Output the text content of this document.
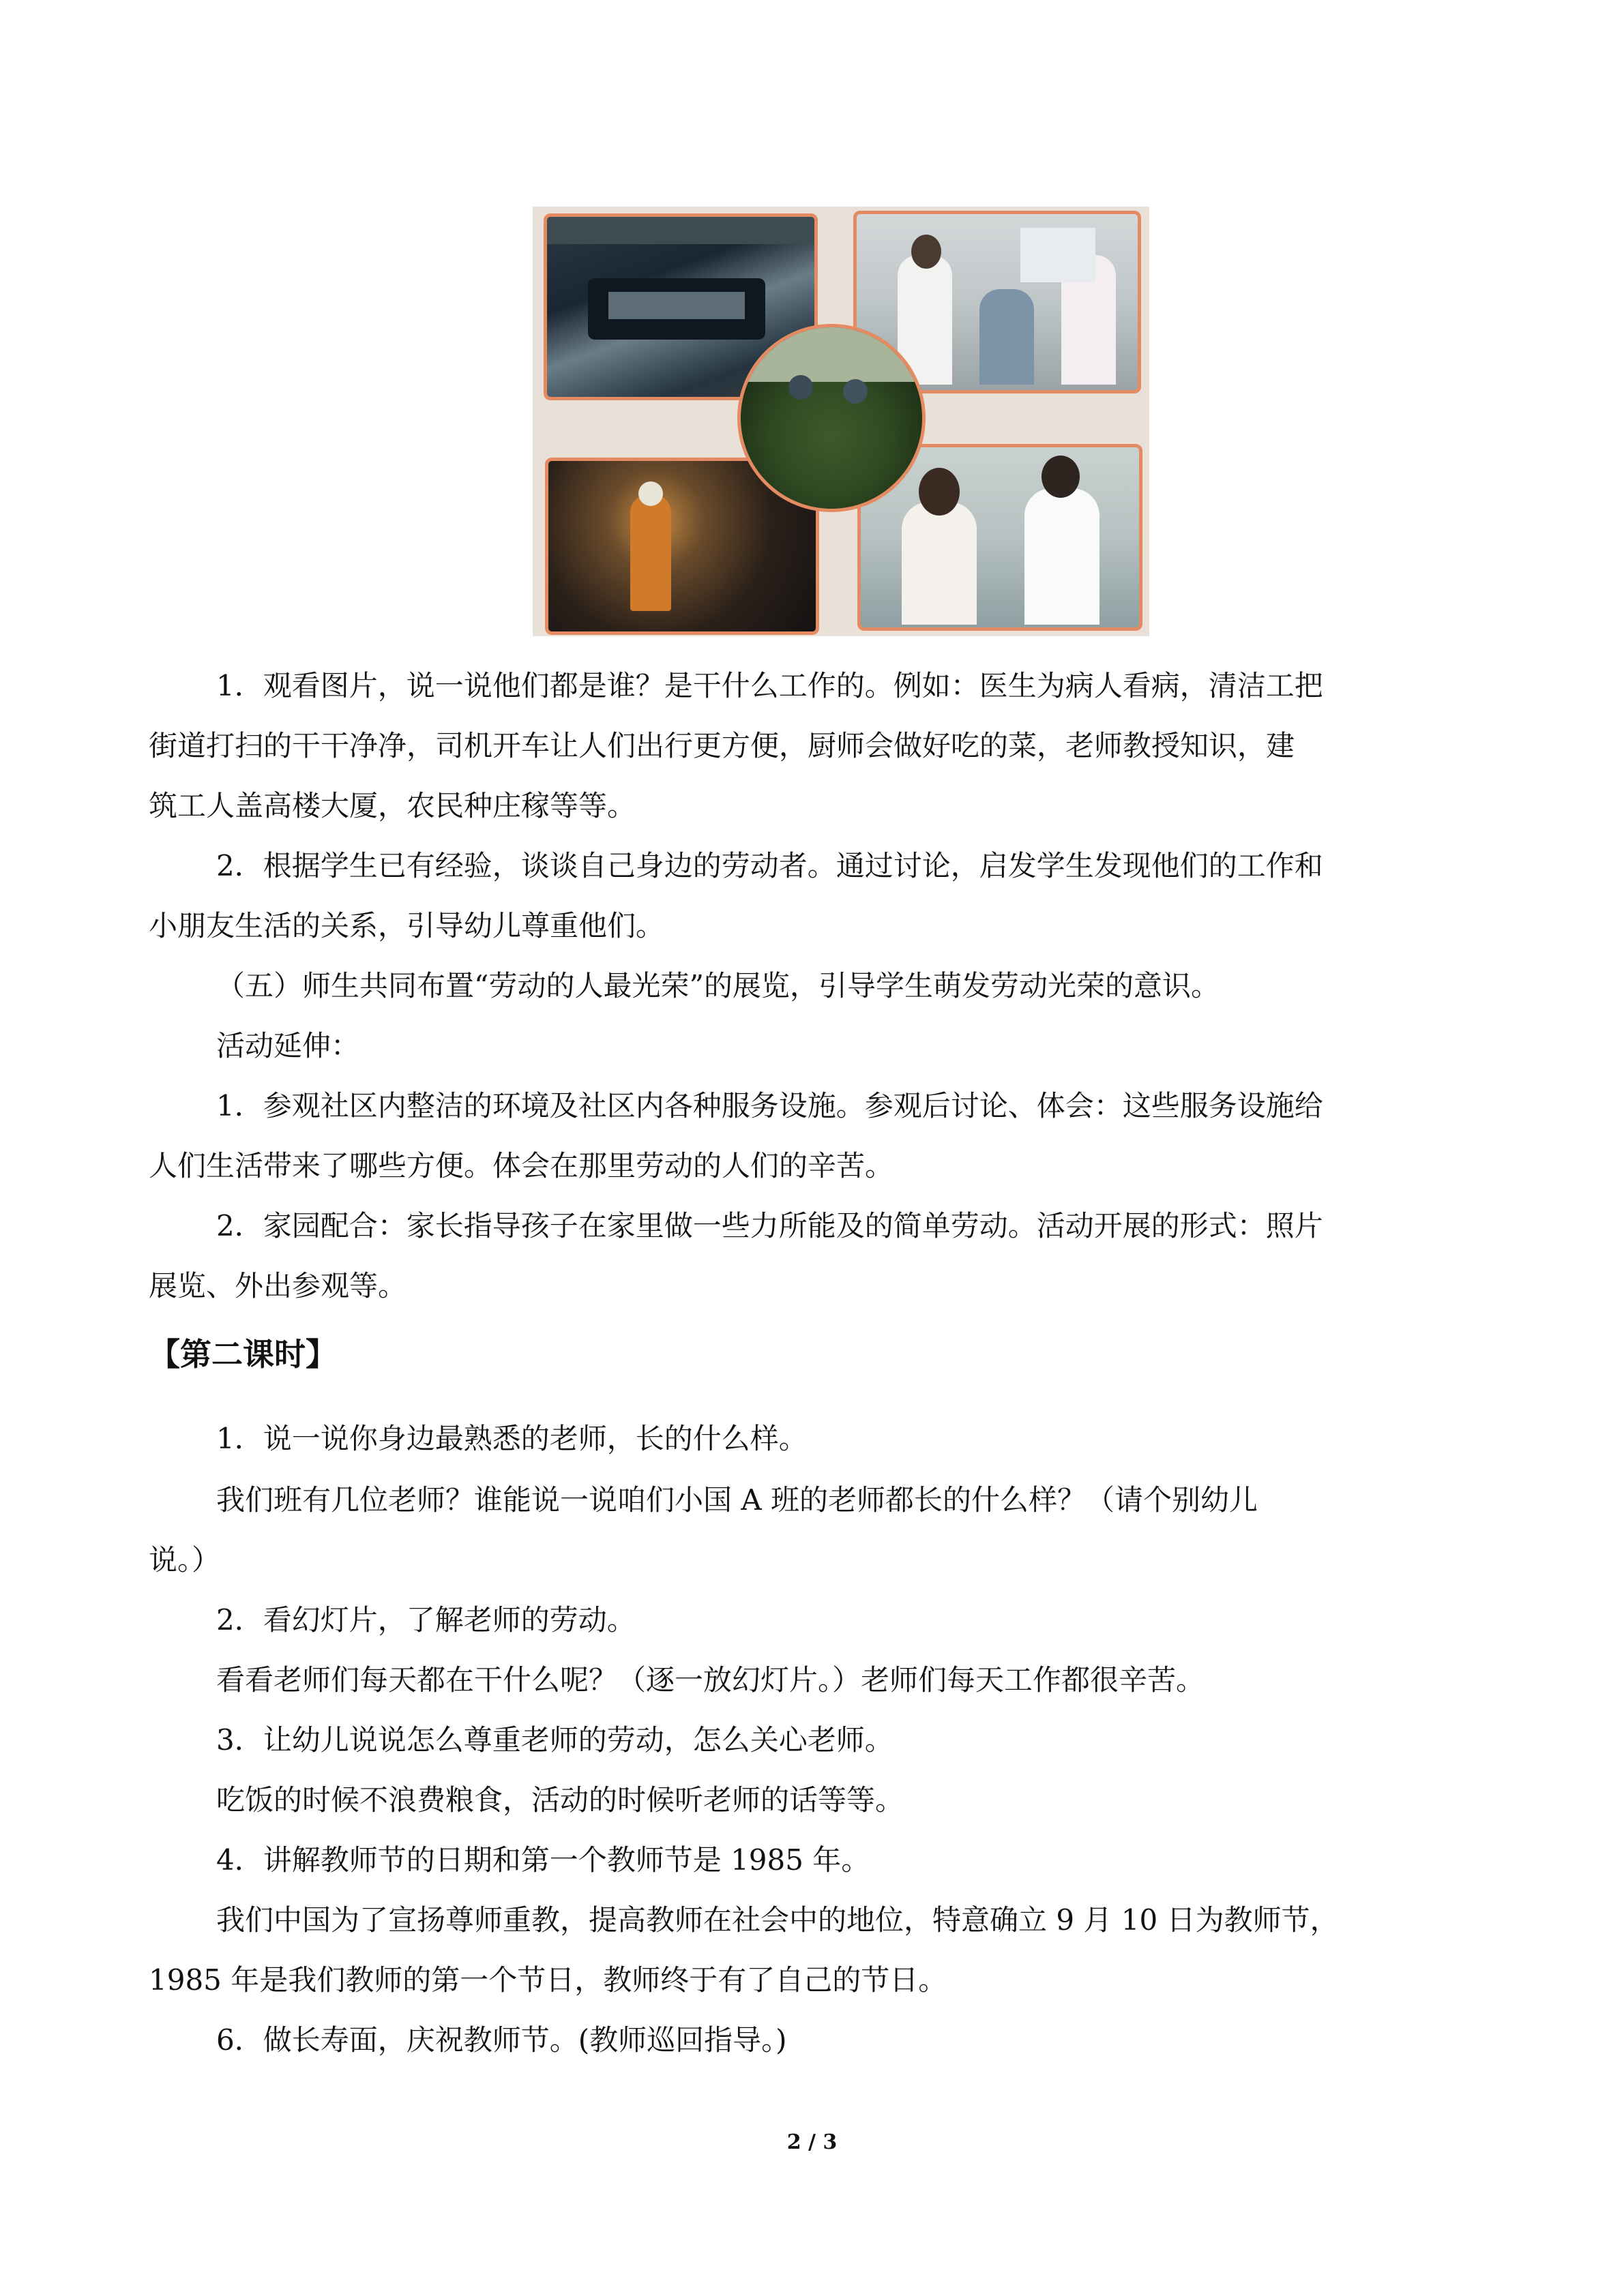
1．观看图片，说一说他们都是谁？是干什么工作的。例如：医生为病人看病，清洁工把

街道打扫的干干净净，司机开车让人们出行更方便，厨师会做好吃的菜，老师教授知识，建

筑工人盖高楼大厦，农民种庄稼等等。

2．根据学生已有经验，谈谈自己身边的劳动者。通过讨论，启发学生发现他们的工作和

小朋友生活的关系，引导幼儿尊重他们。

（五）师生共同布置“劳动的人最光荣”的展览，引导学生萌发劳动光荣的意识。

活动延伸：

1．参观社区内整洁的环境及社区内各种服务设施。参观后讨论、体会：这些服务设施给

人们生活带来了哪些方便。体会在那里劳动的人们的辛苦。

2．家园配合：家长指导孩子在家里做一些力所能及的简单劳动。活动开展的形式：照片

展览、外出参观等。

【第二课时】

1．说一说你身边最熟悉的老师，长的什么样。

我们班有几位老师？谁能说一说咱们小国 A 班的老师都长的什么样？（请个别幼儿

说。）

2．看幻灯片，了解老师的劳动。

看看老师们每天都在干什么呢？（逐一放幻灯片。）老师们每天工作都很辛苦。

3．让幼儿说说怎么尊重老师的劳动，怎么关心老师。

吃饭的时候不浪费粮食，活动的时候听老师的话等等。

4．讲解教师节的日期和第一个教师节是 1985 年。

我们中国为了宣扬尊师重教，提高教师在社会中的地位，特意确立 9 月 10 日为教师节，

1985 年是我们教师的第一个节日，教师终于有了自己的节日。

6．做长寿面，庆祝教师节。(教师巡回指导。)

2 / 3
